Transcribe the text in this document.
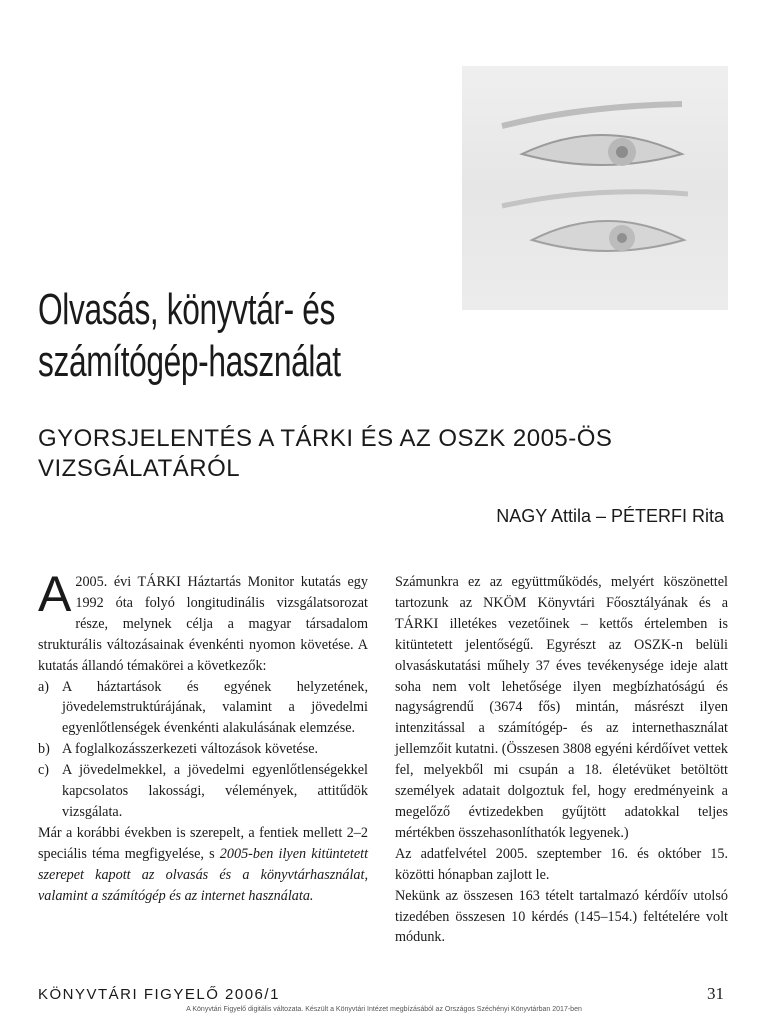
Olvasás, könyvtár- és
számítógép-használat
GYORSJELENTÉS A TÁRKI ÉS AZ OSZK 2005-ÖS VIZSGÁLATÁRÓL

NAGY Attila – PÉTERFI Rita

A 2005. évi TÁRKI Háztartás Monitor kutatás egy 1992 óta folyó longitudinális vizsgálatsorozat része, melynek célja a magyar társadalom strukturális változásainak évenkénti nyomon követése. A kutatás állandó témakörei a következők:

a) A háztartások és egyének helyzetének, jövedelemstruktúrájának, valamint a jövedelmi egyenlőtlenségek évenkénti alakulásának elemzése.
b) A foglalkozásszerkezeti változások követése.
c) A jövedelmekkel, a jövedelmi egyenlőtlenségekkel kapcsolatos lakossági, vélemények, attitűdök vizsgálata.

Már a korábbi években is szerepelt, a fentiek mellett 2–2 speciális téma megfigyelése, s 2005-ben ilyen kitüntetett szerepet kapott az olvasás és a könyvtárhasználat, valamint a számítógép és az internet használata.

Számunkra ez az együttműködés, melyért köszönettel tartozunk az NKÖM Könyvtári Főosztályának és a TÁRKI illetékes vezetőinek – kettős értelemben is kitüntetett jelentőségű. Egyrészt az OSZK-n belüli olvasáskutatási műhely 37 éves tevékenysége ideje alatt soha nem volt lehetősége ilyen megbízhatóságú és nagyságrendű (3674 fős) mintán, másrészt ilyen intenzitással a számítógép- és az internethasználat jellemzőit kutatni. (Összesen 3808 egyéni kérdőívet vettek fel, melyekből mi csupán a 18. életévüket betöltött személyek adatait dolgoztuk fel, hogy eredményeink a megelőző évtizedekben gyűjtött adatokkal teljes mértékben összehasonlíthatók legyenek.)

Az adatfelvétel 2005. szeptember 16. és október 15. közötti hónapban zajlott le.

Nekünk az összesen 163 tételt tartalmazó kérdőív utolsó tizedében összesen 10 kérdés (145–154.) feltételére volt módunk.

KÖNYVTÁRI FIGYELŐ 2006/1	31
A Könyvtári Figyelő digitális változata. Készült a Könyvtári Intézet megbízásából az Országos Széchényi Könyvtárban 2017-ben
